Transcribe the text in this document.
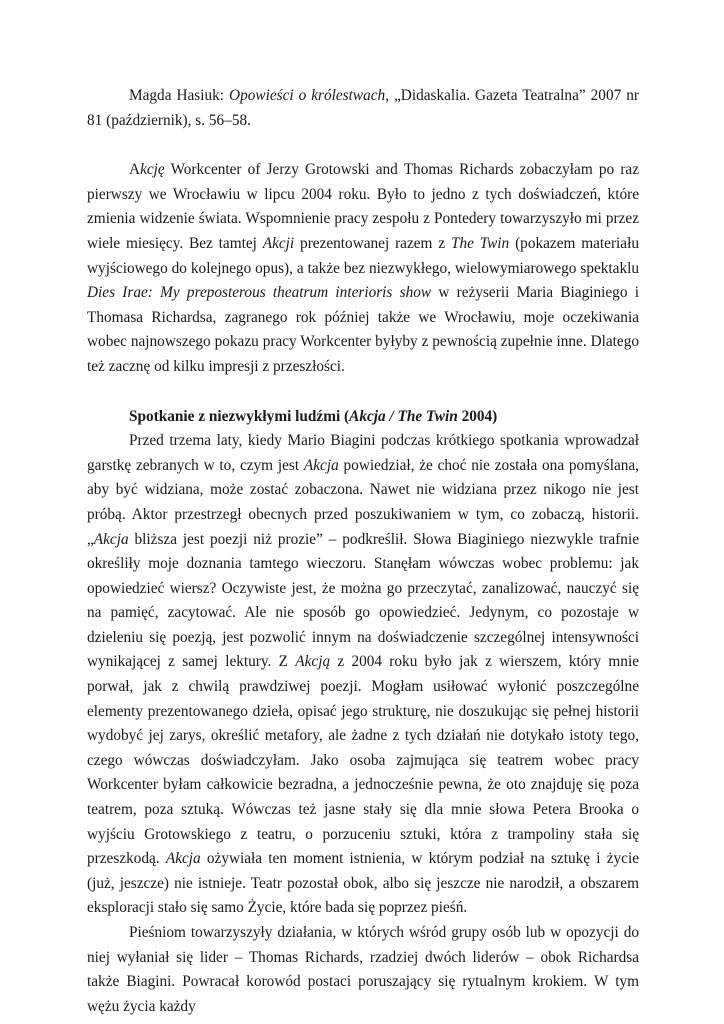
Magda Hasiuk: Opowieści o królestwach, „Didaskalia. Gazeta Teatralna” 2007 nr 81 (październik), s. 56–58.

Akcję Workcenter of Jerzy Grotowski and Thomas Richards zobaczyłam po raz pierwszy we Wrocławiu w lipcu 2004 roku. Było to jedno z tych doświadczeń, które zmienia widzenie świata. Wspomnienie pracy zespołu z Pontedery towarzyszyło mi przez wiele miesięcy. Bez tamtej Akcji prezentowanej razem z The Twin (pokazem materiału wyjściowego do kolejnego opus), a także bez niezwykłego, wielowymiarowego spektaklu Dies Irae: My preposterous theatrum interioris show w reżyserii Maria Biaginiego i Thomasa Richardsa, zagranego rok później także we Wrocławiu, moje oczekiwania wobec najnowszego pokazu pracy Workcenter byłyby z pewnością zupełnie inne. Dlatego też zacznę od kilku impresji z przeszłości.

Spotkanie z niezwykłymi ludźmi (Akcja / The Twin 2004)

Przed trzema laty, kiedy Mario Biagini podczas krótkiego spotkania wprowadzał garstkę zebranych w to, czym jest Akcja powiedział, że choć nie została ona pomyślana, aby być widziana, może zostać zobaczona. Nawet nie widziana przez nikogo nie jest próbą. Aktor przestrzegł obecnych przed poszukiwaniem w tym, co zobaczą, historii. „Akcja bliższa jest poezji niż prozie” – podkreślił. Słowa Biaginiego niezwykle trafnie określiły moje doznania tamtego wieczoru. Stanęłam wówczas wobec problemu: jak opowiedzieć wiersz? Oczywiste jest, że można go przeczytać, zanalizować, nauczyć się na pamięć, zacytować. Ale nie sposób go opowiedzieć. Jedynym, co pozostaje w dzieleniu się poezją, jest pozwolić innym na doświadczenie szczególnej intensywności wynikającej z samej lektury. Z Akcją z 2004 roku było jak z wierszem, który mnie porwał, jak z chwilą prawdziwej poezji. Mogłam usiłować wyłonić poszczególne elementy prezentowanego dzieła, opisać jego strukturę, nie doszukując się pełnej historii wydobyć jej zarys, określić metafory, ale żadne z tych działań nie dotykało istoty tego, czego wówczas doświadczyłam. Jako osoba zajmująca się teatrem wobec pracy Workcenter byłam całkowicie bezradna, a jednocześnie pewna, że oto znajduję się poza teatrem, poza sztuką. Wówczas też jasne stały się dla mnie słowa Petera Brooka o wyjściu Grotowskiego z teatru, o porzuceniu sztuki, która z trampoliny stała się przeszkodą. Akcja ożywiała ten moment istnienia, w którym podział na sztukę i życie (już, jeszcze) nie istnieje. Teatr pozostał obok, albo się jeszcze nie narodził, a obszarem eksploracji stało się samo Życie, które bada się poprzez pieśń.

Pieśniom towarzyszyły działania, w których wśród grupy osób lub w opozycji do niej wyłaniał się lider – Thomas Richards, rzadziej dwóch liderów – obok Richardsa także Biagini. Powracał korowód postaci poruszający się rytualnym krokiem. W tym wężu życia każdy
